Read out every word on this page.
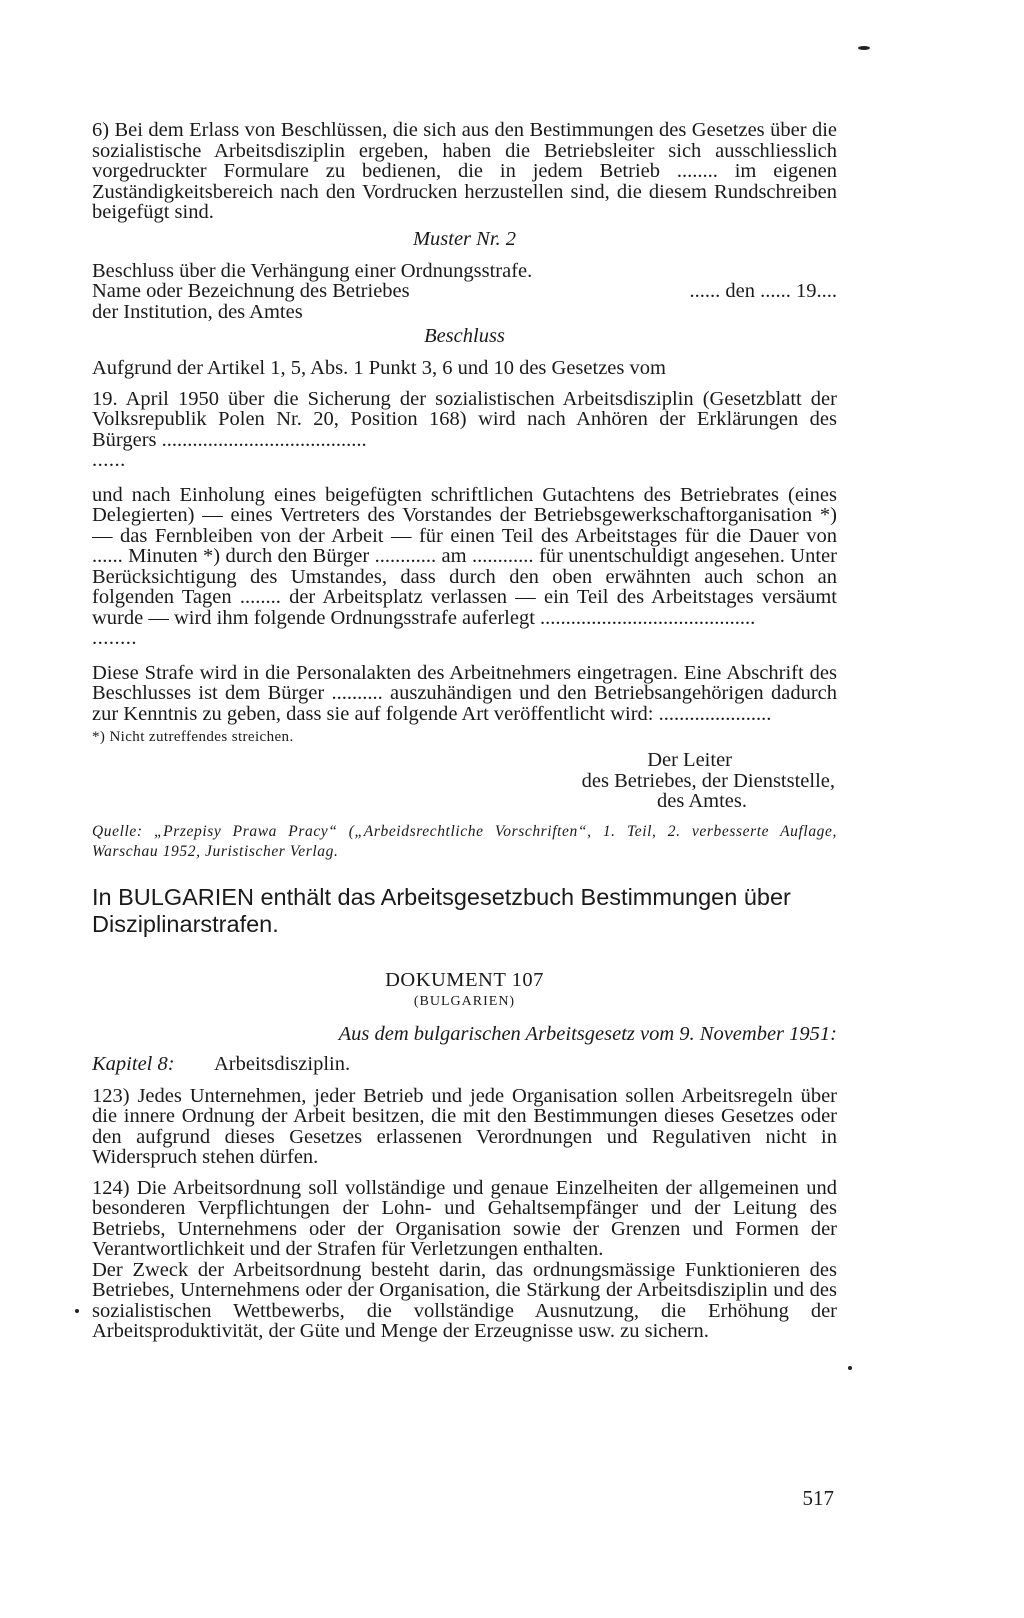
6) Bei dem Erlass von Beschlüssen, die sich aus den Bestimmungen des Gesetzes über die sozialistische Arbeitsdisziplin ergeben, haben die Betriebsleiter sich ausschliesslich vorgedruckter Formulare zu bedienen, die in jedem Betrieb ........ im eigenen Zuständigkeitsbereich nach den Vordrucken herzustellen sind, die diesem Rundschreiben beigefügt sind.

Muster Nr. 2

Beschluss über die Verhängung einer Ordnungsstrafe.

Name oder Bezeichnung des Betriebes	...... den ...... 19....

der Institution, des Amtes

Beschluss

Aufgrund der Artikel 1, 5, Abs. 1 Punkt 3, 6 und 10 des Gesetzes vom

19. April 1950 über die Sicherung der sozialistischen Arbeitsdisziplin (Gesetzblatt der Volksrepublik Polen Nr. 20, Position 168) wird nach Anhören der Erklärungen des Bürgers ........................................

......

und nach Einholung eines beigefügten schriftlichen Gutachtens des Betriebrates (eines Delegierten) — eines Vertreters des Vorstandes der Betriebsgewerkschaftorganisation *) — das Fernbleiben von der Arbeit — für einen Teil des Arbeitstages für die Dauer von ...... Minuten *) durch den Bürger ............ am ............ für unentschuldigt angesehen. Unter Berücksichtigung des Umstandes, dass durch den oben erwähnten auch schon an folgenden Tagen ........ der Arbeitsplatz verlassen — ein Teil des Arbeitstages versäumt wurde — wird ihm folgende Ordnungsstrafe auferlegt ..........................................

........

Diese Strafe wird in die Personalakten des Arbeitnehmers eingetragen. Eine Abschrift des Beschlusses ist dem Bürger .......... auszuhändigen und den Betriebsangehörigen dadurch zur Kenntnis zu geben, dass sie auf folgende Art veröffentlicht wird: ......................

*) Nicht zutreffendes streichen.

Der Leiter

des Betriebes, der Dienststelle,

des Amtes.

Quelle: „Przepisy Prawa Pracy“ („Arbeidsrechtliche Vorschriften“, 1. Teil, 2. verbesserte Auflage, Warschau 1952, Juristischer Verlag.

In BULGARIEN enthält das Arbeitsgesetzbuch Bestimmungen über Disziplinarstrafen.

DOKUMENT 107

(BULGARIEN)

Aus dem bulgarischen Arbeitsgesetz vom 9. November 1951:

Kapitel 8: Arbeitsdisziplin.

123) Jedes Unternehmen, jeder Betrieb und jede Organisation sollen Arbeitsregeln über die innere Ordnung der Arbeit besitzen, die mit den Bestimmungen dieses Gesetzes oder den aufgrund dieses Gesetzes erlassenen Verordnungen und Regulativen nicht in Widerspruch stehen dürfen.

124) Die Arbeitsordnung soll vollständige und genaue Einzelheiten der allgemeinen und besonderen Verpflichtungen der Lohn- und Gehaltsempfänger und der Leitung des Betriebs, Unternehmens oder der Organisation sowie der Grenzen und Formen der Verantwortlichkeit und der Strafen für Verletzungen enthalten.

Der Zweck der Arbeitsordnung besteht darin, das ordnungsmässige Funktionieren des Betriebes, Unternehmens oder der Organisation, die Stärkung der Arbeitsdisziplin und des sozialistischen Wettbewerbs, die vollständige Ausnutzung, die Erhöhung der Arbeitsproduktivität, der Güte und Menge der Erzeugnisse usw. zu sichern.

517
